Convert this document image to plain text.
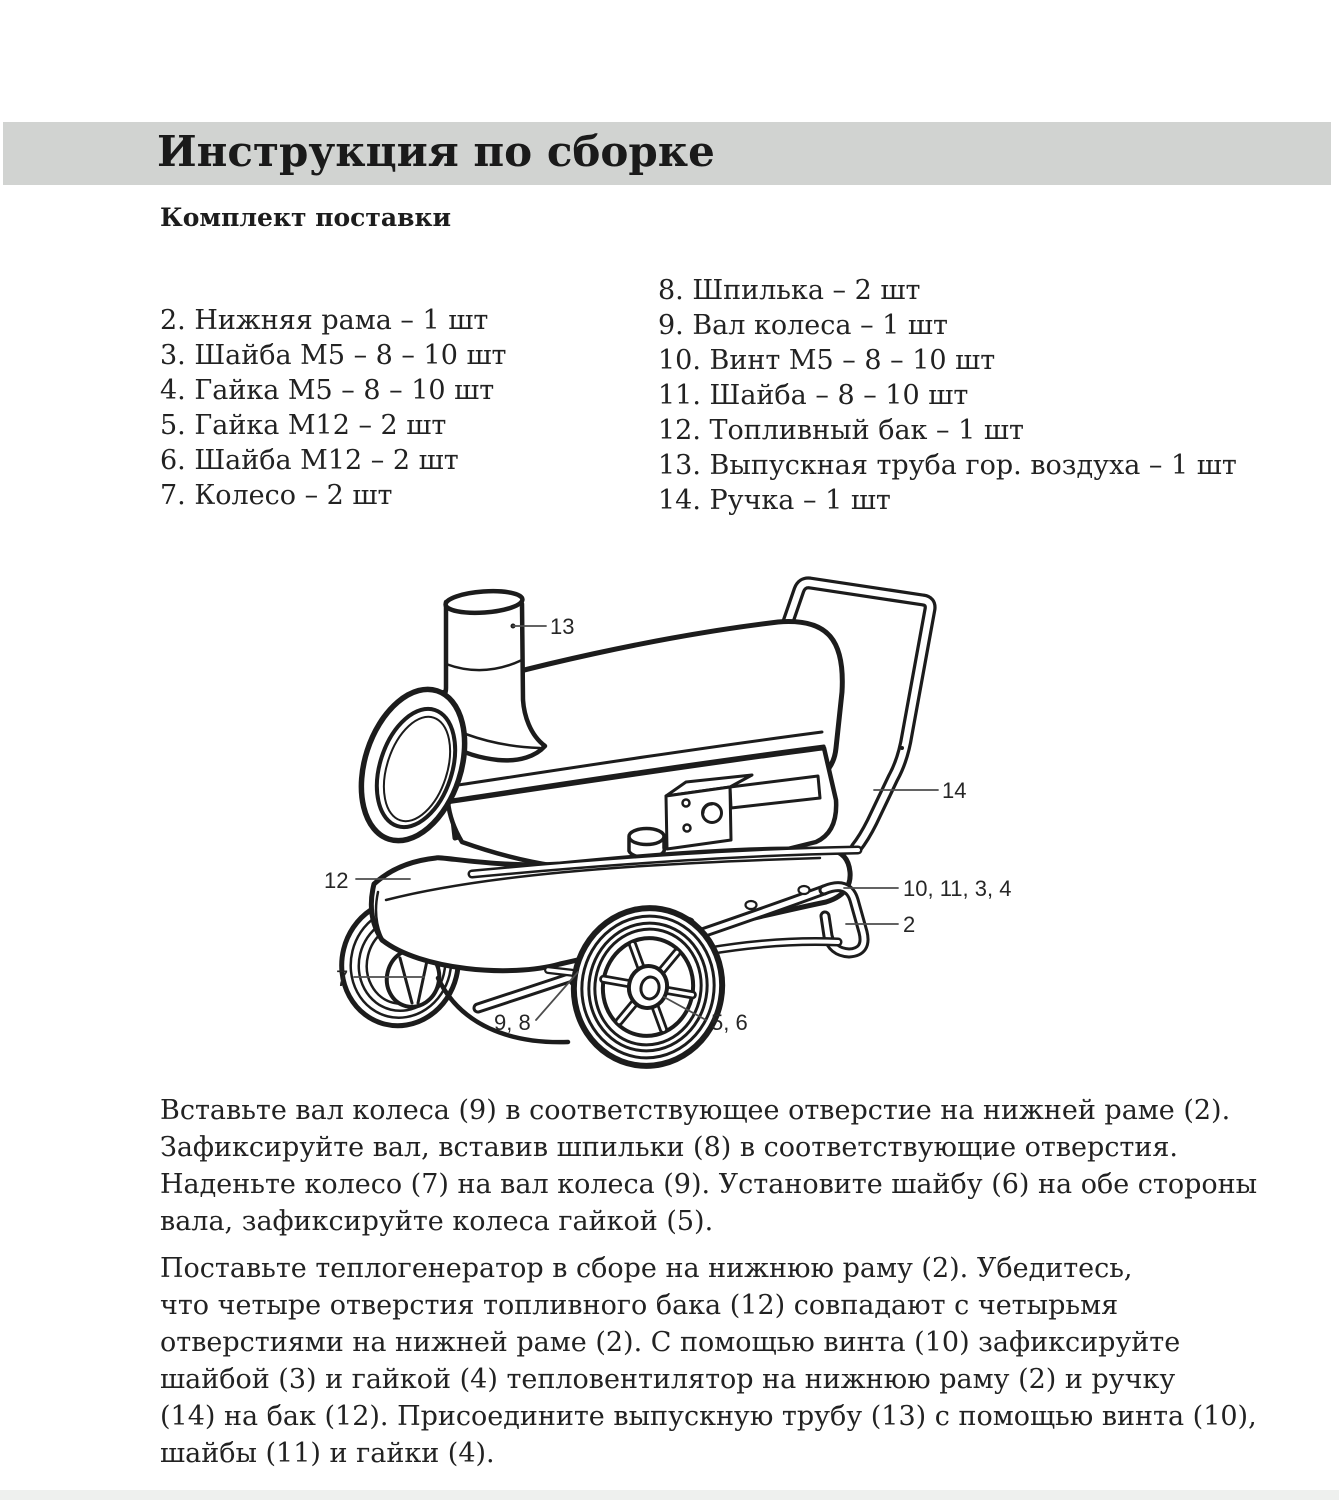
Инструкция по сборке
Комплект поставки
2. Нижняя рама – 1 шт
3. Шайба М5 – 8 – 10 шт
4. Гайка М5 – 8 – 10 шт
5. Гайка М12 – 2 шт
6. Шайба М12 – 2 шт
7. Колесо – 2 шт
8. Шпилька – 2 шт
9. Вал колеса – 1 шт
10. Винт М5 – 8 – 10 шт
11. Шайба – 8 – 10 шт
12. Топливный бак – 1 шт
13. Выпускная труба гор. воздуха – 1 шт
14. Ручка – 1 шт
13
14
12
7
9, 8	5, 6
10, 11, 3, 4
2
Вставьте вал колеса (9) в соответствующее отверстие на нижней раме (2).
Зафиксируйте вал, вставив шпильки (8) в соответствующие отверстия.
Наденьте колесо (7) на вал колеса (9). Установите шайбу (6) на обе стороны
вала, зафиксируйте колеса гайкой (5).
Поставьте теплогенератор в сборе на нижнюю раму (2). Убедитесь,
что четыре отверстия топливного бака (12) совпадают с четырьмя
отверстиями на нижней раме (2). С помощью винта (10) зафиксируйте
шайбой (3) и гайкой (4) тепловентилятор на нижнюю раму (2) и ручку
(14) на бак (12). Присоедините выпускную трубу (13) с помощью винта (10),
шайбы (11) и гайки (4).
